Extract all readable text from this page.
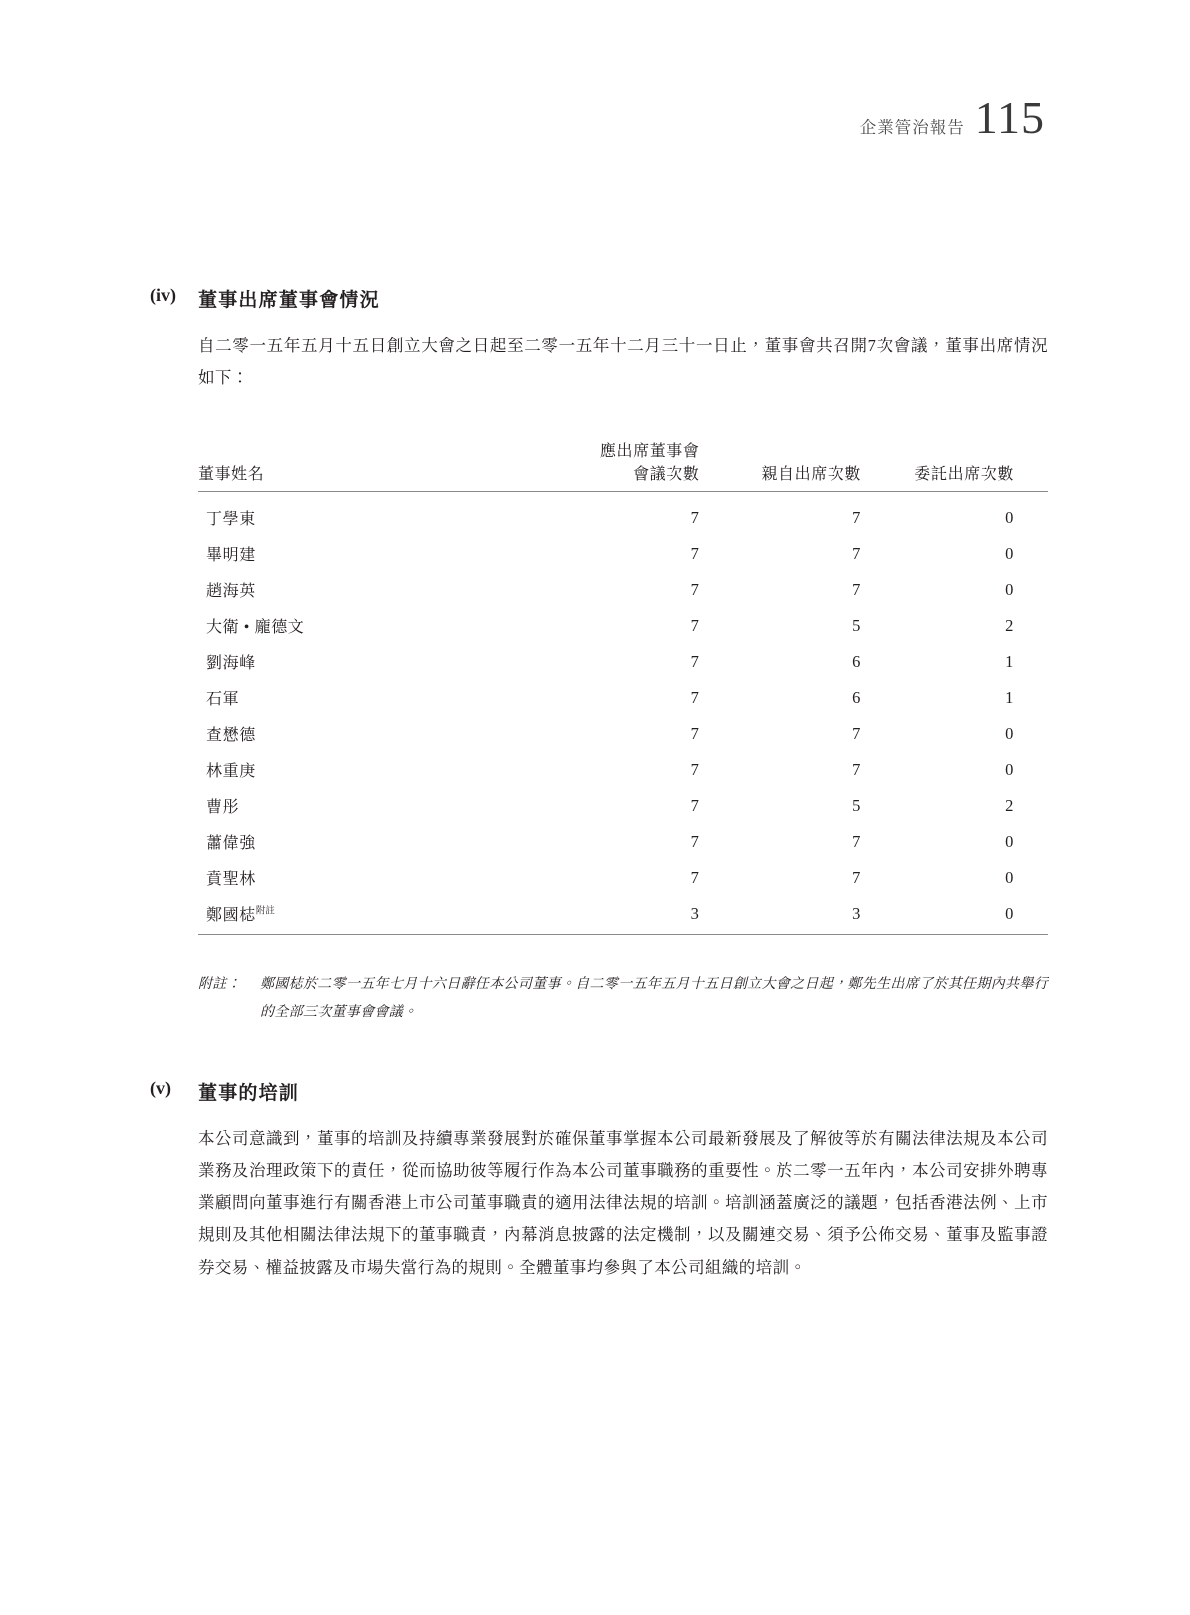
企業管治報告 115
(iv)	董事出席董事會情況
自二零一五年五月十五日創立大會之日起至二零一五年十二月三十一日止，董事會共召開7次會議，董事出席情況如下：
董事姓名	應出席董事會
會議次數	親自出席次數	委託出席次數
丁學東	7	7	0
畢明建	7	7	0
趙海英	7	7	0
大衛 • 龐德文	7	5	2
劉海峰	7	6	1
石軍	7	6	1
查懋德	7	7	0
林重庚	7	7	0
曹彤	7	5	2
蕭偉強	7	7	0
賁聖林	7	7	0
鄭國梽$^{附註}$	3	3	0
附註：	鄭國梽於二零一五年七月十六日辭任本公司董事。自二零一五年五月十五日創立大會之日起，鄭先生出席了於其任期內共舉行的全部三次董事會會議。
(v)	董事的培訓
本公司意識到，董事的培訓及持續專業發展對於確保董事掌握本公司最新發展及了解彼等於有關法律法規及本公司業務及治理政策下的責任，從而協助彼等履行作為本公司董事職務的重要性。於二零一五年內，本公司安排外聘專業顧問向董事進行有關香港上市公司董事職責的適用法律法規的培訓。培訓涵蓋廣泛的議題，包括香港法例、上市規則及其他相關法律法規下的董事職責，內幕消息披露的法定機制，以及關連交易、須予公佈交易、董事及監事證券交易、權益披露及市場失當行為的規則。全體董事均參與了本公司組織的培訓。
